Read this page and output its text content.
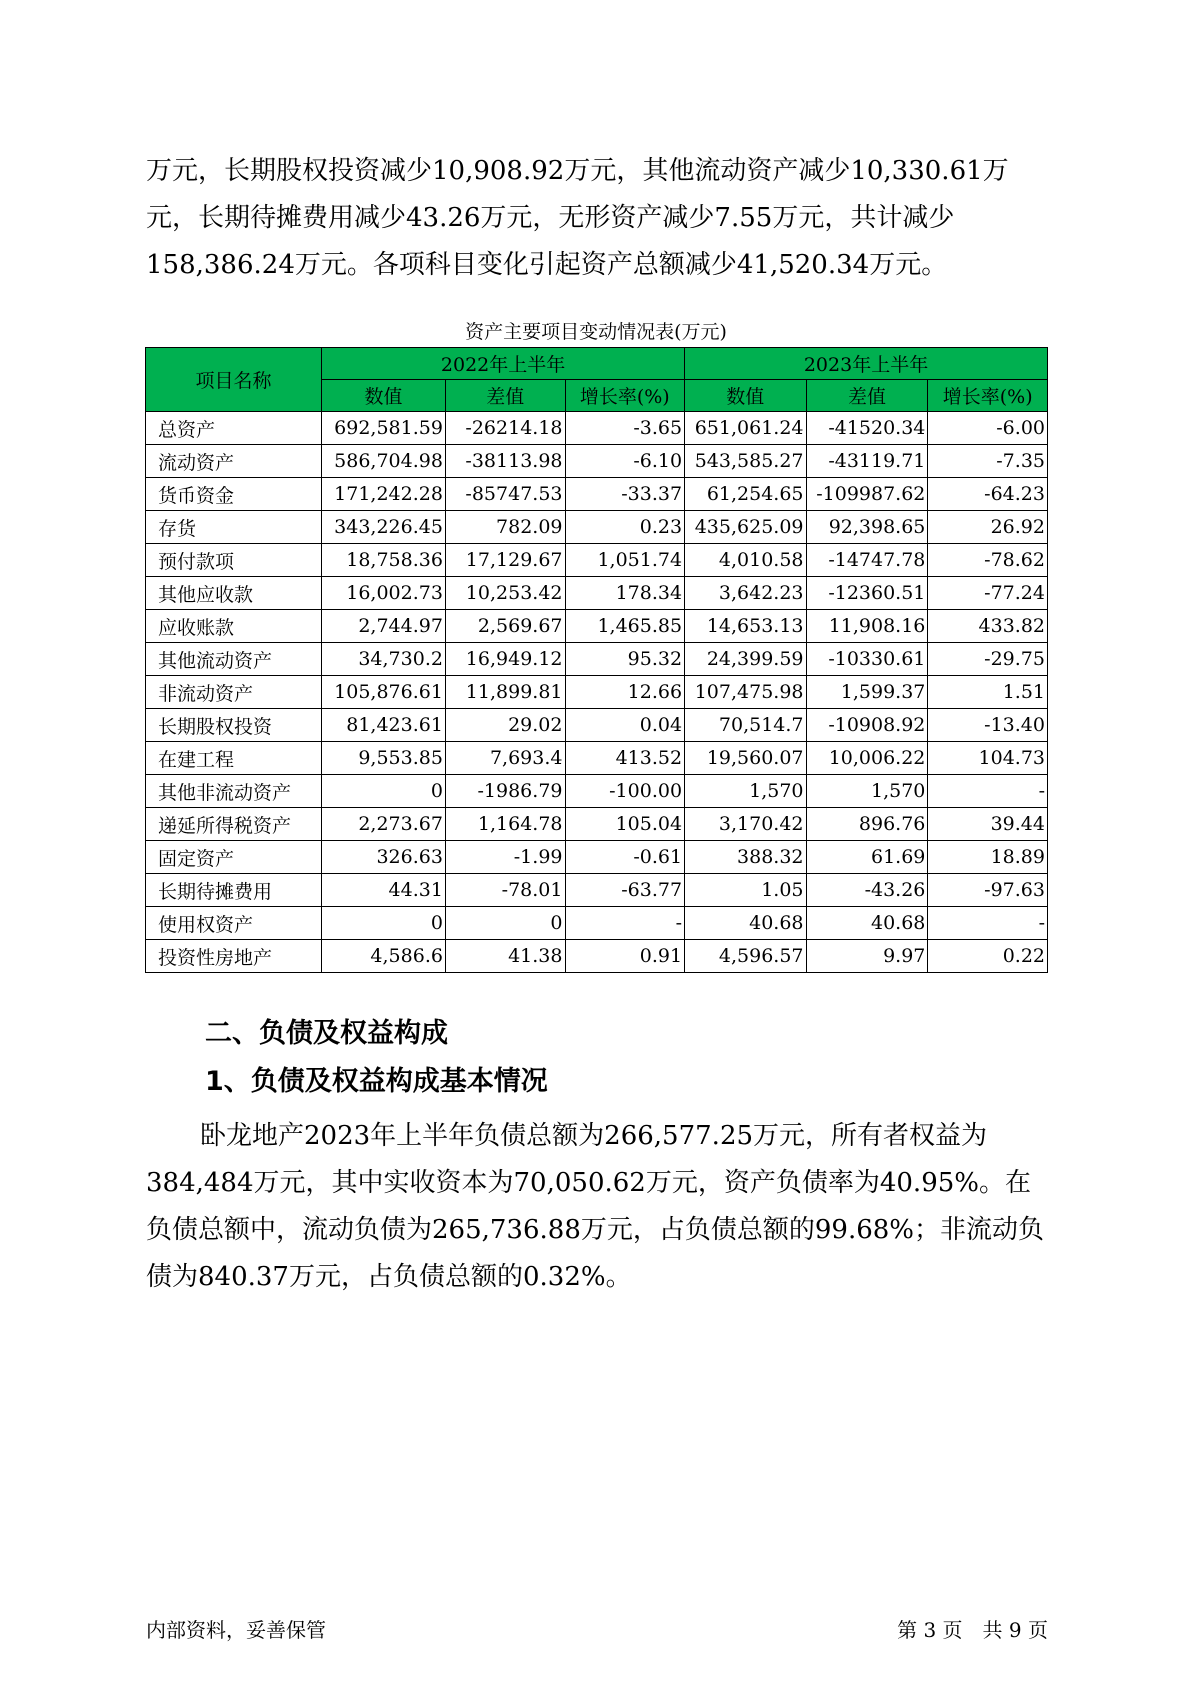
万元，长期股权投资减少10,908.92万元，其他流动资产减少10,330.61万元，长期待摊费用减少43.26万元，无形资产减少7.55万元，共计减少158,386.24万元。各项科目变化引起资产总额减少41,520.34万元。

资产主要项目变动情况表(万元)
项目名称	2022年上半年			2023年上半年		
	数值	差值	增长率(%)	数值	差值	增长率(%)
总资产	692,581.59	-26214.18	-3.65	651,061.24	-41520.34	-6.00
流动资产	586,704.98	-38113.98	-6.10	543,585.27	-43119.71	-7.35
货币资金	171,242.28	-85747.53	-33.37	61,254.65	-109987.62	-64.23
存货	343,226.45	782.09	0.23	435,625.09	92,398.65	26.92
预付款项	18,758.36	17,129.67	1,051.74	4,010.58	-14747.78	-78.62
其他应收款	16,002.73	10,253.42	178.34	3,642.23	-12360.51	-77.24
应收账款	2,744.97	2,569.67	1,465.85	14,653.13	11,908.16	433.82
其他流动资产	34,730.2	16,949.12	95.32	24,399.59	-10330.61	-29.75
非流动资产	105,876.61	11,899.81	12.66	107,475.98	1,599.37	1.51
长期股权投资	81,423.61	29.02	0.04	70,514.7	-10908.92	-13.40
在建工程	9,553.85	7,693.4	413.52	19,560.07	10,006.22	104.73
其他非流动资产	0	-1986.79	-100.00	1,570	1,570	-
递延所得税资产	2,273.67	1,164.78	105.04	3,170.42	896.76	39.44
固定资产	326.63	-1.99	-0.61	388.32	61.69	18.89
长期待摊费用	44.31	-78.01	-63.77	1.05	-43.26	-97.63
使用权资产	0	0	-	40.68	40.68	-
投资性房地产	4,586.6	41.38	0.91	4,596.57	9.97	0.22
二、负债及权益构成
1、负债及权益构成基本情况

卧龙地产2023年上半年负债总额为266,577.25万元，所有者权益为384,484万元，其中实收资本为70,050.62万元，资产负债率为40.95%。在负债总额中，流动负债为265,736.88万元，占负债总额的99.68%；非流动负债为840.37万元，占负债总额的0.32%。

内部资料，妥善保管	第 3 页　共 9 页
